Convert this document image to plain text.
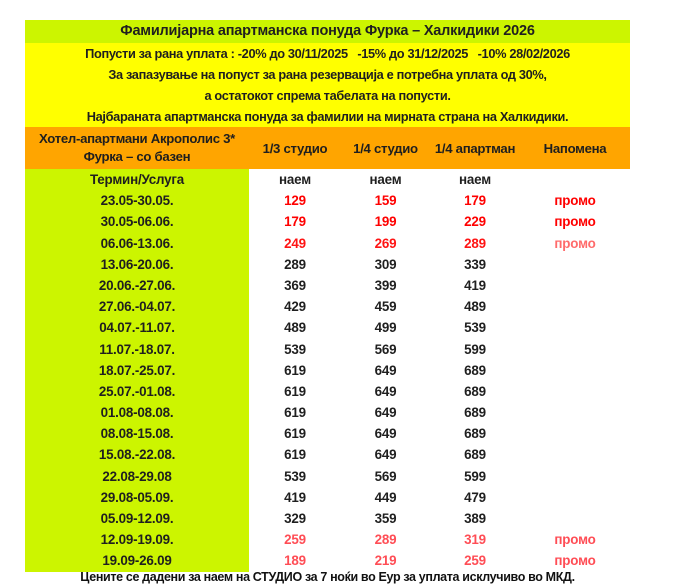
Фамилијарна апартманска понуда Фурка – Халкидики 2026
Попусти за рана уплата : -20% до 30/11/2025   -15% до 31/12/2025   -10% 28/02/2026
За запазување на попуст за рана резервација е потребна уплата од 30%,
а остатокот спрема табелата на попусти.
Најбараната апартманска понуда за фамилии на мирната страна на Халкидики.
Хотел-апартмани Акрополис 3*
Фурка – со базен
1/3 студио	1/4 студио	1/4 апартман	Напомена
Термин/Услуга	наем	наем	наем
23.05-30.05.	129	159	179	промо
30.05-06.06.	179	199	229	промо
06.06-13.06.	249	269	289	промо
13.06-20.06.	289	309	339
20.06.-27.06.	369	399	419
27.06.-04.07.	429	459	489
04.07.-11.07.	489	499	539
11.07.-18.07.	539	569	599
18.07.-25.07.	619	649	689
25.07.-01.08.	619	649	689
01.08-08.08.	619	649	689
08.08-15.08.	619	649	689
15.08.-22.08.	619	649	689
22.08-29.08	539	569	599
29.08-05.09.	419	449	479
05.09-12.09.	329	359	389
12.09-19.09.	259	289	319	промо
19.09-26.09	189	219	259	промо
Цените се дадени за наем на СТУДИО за 7 ноќи во Еур за уплата исклучиво во МКД.
